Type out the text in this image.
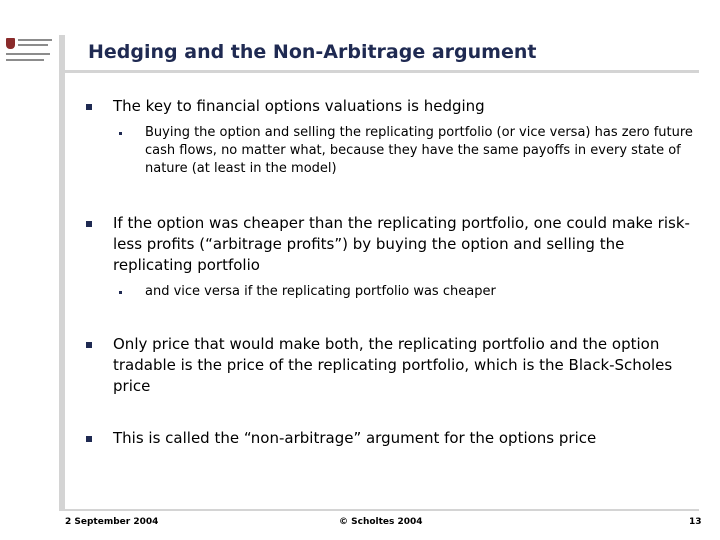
Hedging and the Non-Arbitrage argument

The key to financial options valuations is hedging

Buying the option and selling the replicating portfolio (or vice versa) has zero future cash flows, no matter what, because they have the same payoffs in every state of nature (at least in the model)

If the option was cheaper than the replicating portfolio, one could make risk-less profits (“arbitrage profits”) by buying the option and selling the replicating portfolio

and vice versa if the replicating portfolio was cheaper

Only price that would make both, the replicating portfolio and the option tradable is the price of the replicating portfolio, which is the Black-Scholes price

This is called the “non-arbitrage” argument for the options price

2 September 2004	© Scholtes 2004	13
